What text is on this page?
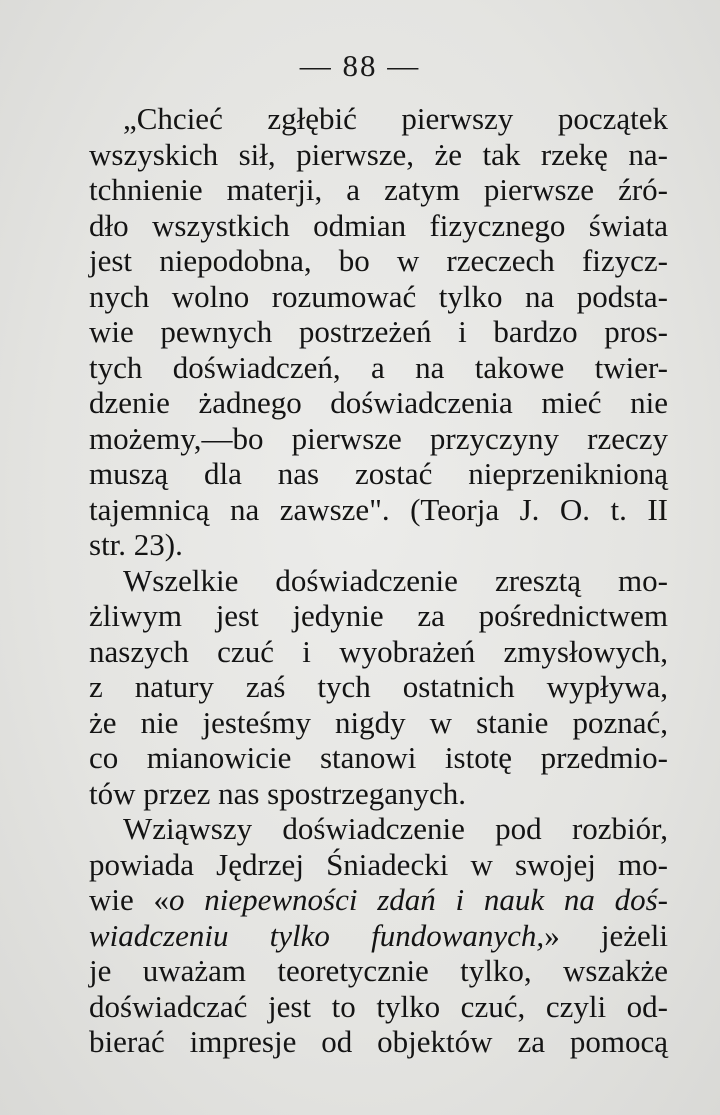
— 88 —
„Chcieć zgłębić pierwszy początek
wszyskich sił, pierwsze, że tak rzekę na-
tchnienie materji, a zatym pierwsze źró-
dło wszystkich odmian fizycznego świata
jest niepodobna, bo w rzeczech fizycz-
nych wolno rozumować tylko na podsta-
wie pewnych postrzeżeń i bardzo pros-
tych doświadczeń, a na takowe twier-
dzenie żadnego doświadczenia mieć nie
możemy,—bo pierwsze przyczyny rzeczy
muszą dla nas zostać nieprzeniknioną
tajemnicą na zawsze". (Teorja J. O. t. II
str. 23).
Wszelkie doświadczenie zresztą mo-
żliwym jest jedynie za pośrednictwem
naszych czuć i wyobrażeń zmysłowych,
z natury zaś tych ostatnich wypływa,
że nie jesteśmy nigdy w stanie poznać,
co mianowicie stanowi istotę przedmio-
tów przez nas spostrzeganych.
Wziąwszy doświadczenie pod rozbiór,
powiada Jędrzej Śniadecki w swojej mo-
wie «o niepewności zdań i nauk na doś-
wiadczeniu tylko fundowanych,» jeżeli
je uważam teoretycznie tylko, wszakże
doświadczać jest to tylko czuć, czyli od-
bierać impresje od objektów za pomocą
